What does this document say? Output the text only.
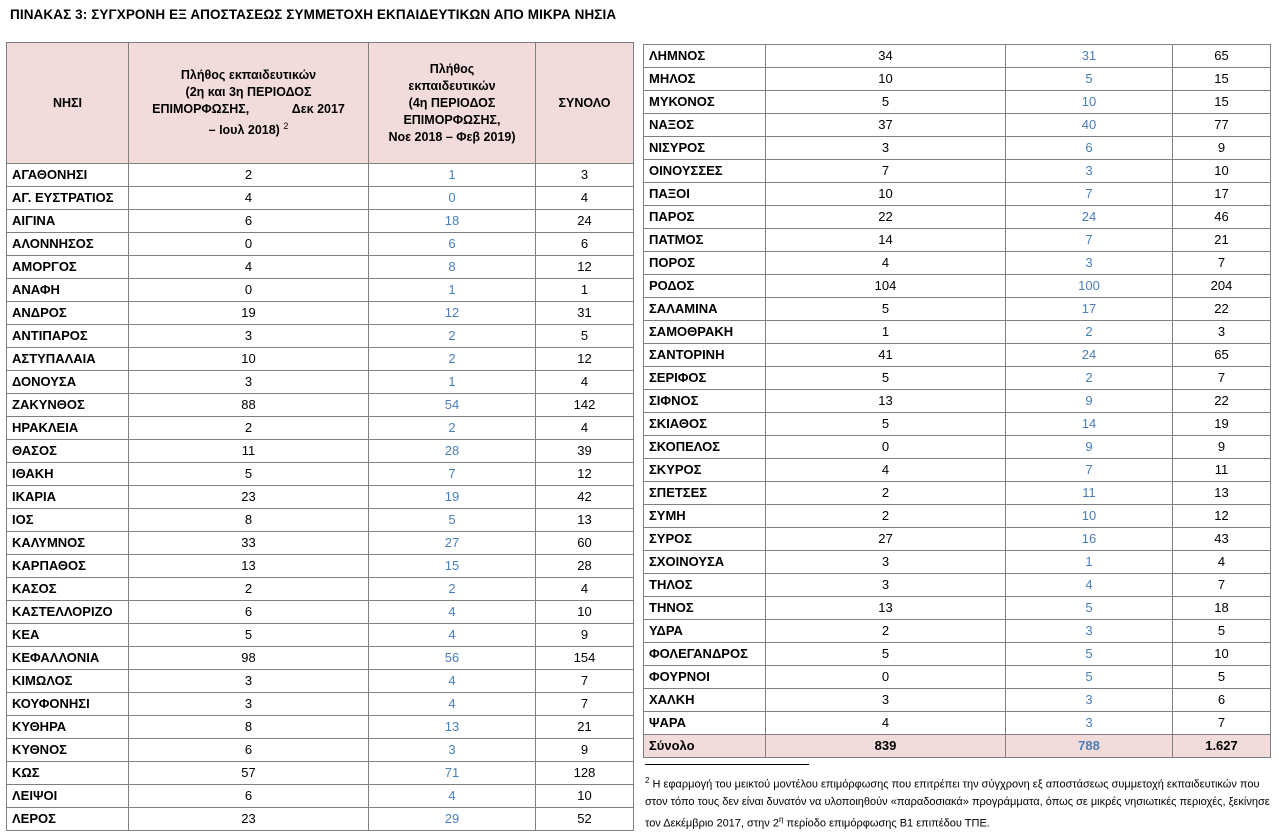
ΠΙΝΑΚΑΣ 3: ΣΥΓΧΡΟΝΗ ΕΞ ΑΠΟΣΤΑΣΕΩΣ ΣΥΜΜΕΤΟΧΗ ΕΚΠΑΙΔΕΥΤΙΚΩΝ ΑΠΟ ΜΙΚΡΑ ΝΗΣΙΑ
ΝΗΣΙ	Πλήθος εκπαιδευτικών
(2η και 3η ΠΕΡΙΟΔΟΣ
ΕΠΙΜΟΡΦΩΣΗΣ, Δεκ 2017
– Ιουλ 2018) $^2$	Πλήθος
εκπαιδευτικών
(4η ΠΕΡΙΟΔΟΣ
ΕΠΙΜΟΡΦΩΣΗΣ,
Νοε 2018 – Φεβ 2019)	ΣΥΝΟΛΟ
ΑΓΑΘΟΝΗΣΙ	2	1	3
ΑΓ. ΕΥΣΤΡΑΤΙΟΣ	4	0	4
ΑΙΓΙΝΑ	6	18	24
ΑΛΟΝΝΗΣΟΣ	0	6	6
ΑΜΟΡΓΟΣ	4	8	12
ΑΝΑΦΗ	0	1	1
ΑΝΔΡΟΣ	19	12	31
ΑΝΤΙΠΑΡΟΣ	3	2	5
ΑΣΤΥΠΑΛΑΙΑ	10	2	12
ΔΟΝΟΥΣΑ	3	1	4
ΖΑΚΥΝΘΟΣ	88	54	142
ΗΡΑΚΛΕΙΑ	2	2	4
ΘΑΣΟΣ	11	28	39
ΙΘΑΚΗ	5	7	12
ΙΚΑΡΙΑ	23	19	42
ΙΟΣ	8	5	13
ΚΑΛΥΜΝΟΣ	33	27	60
ΚΑΡΠΑΘΟΣ	13	15	28
ΚΑΣΟΣ	2	2	4
ΚΑΣΤΕΛΛΟΡΙΖΟ	6	4	10
ΚΕΑ	5	4	9
ΚΕΦΑΛΛΟΝΙΑ	98	56	154
ΚΙΜΩΛΟΣ	3	4	7
ΚΟΥΦΟΝΗΣΙ	3	4	7
ΚΥΘΗΡΑ	8	13	21
ΚΥΘΝΟΣ	6	3	9
ΚΩΣ	57	71	128
ΛΕΙΨΟΙ	6	4	10
ΛΕΡΟΣ	23	29	52
ΛΗΜΝΟΣ	34	31	65
ΜΗΛΟΣ	10	5	15
ΜΥΚΟΝΟΣ	5	10	15
ΝΑΞΟΣ	37	40	77
ΝΙΣΥΡΟΣ	3	6	9
ΟΙΝΟΥΣΣΕΣ	7	3	10
ΠΑΞΟΙ	10	7	17
ΠΑΡΟΣ	22	24	46
ΠΑΤΜΟΣ	14	7	21
ΠΟΡΟΣ	4	3	7
ΡΟΔΟΣ	104	100	204
ΣΑΛΑΜΙΝΑ	5	17	22
ΣΑΜΟΘΡΑΚΗ	1	2	3
ΣΑΝΤΟΡΙΝΗ	41	24	65
ΣΕΡΙΦΟΣ	5	2	7
ΣΙΦΝΟΣ	13	9	22
ΣΚΙΑΘΟΣ	5	14	19
ΣΚΟΠΕΛΟΣ	0	9	9
ΣΚΥΡΟΣ	4	7	11
ΣΠΕΤΣΕΣ	2	11	13
ΣΥΜΗ	2	10	12
ΣΥΡΟΣ	27	16	43
ΣΧΟΙΝΟΥΣΑ	3	1	4
ΤΗΛΟΣ	3	4	7
ΤΗΝΟΣ	13	5	18
ΥΔΡΑ	2	3	5
ΦΟΛΕΓΑΝΔΡΟΣ	5	5	10
ΦΟΥΡΝΟΙ	0	5	5
ΧΑΛΚΗ	3	3	6
ΨΑΡΑ	4	3	7
Σύνολο	839	788	1.627
$^2$ Η εφαρμογή του μεικτού μοντέλου επιμόρφωσης που επιτρέπει την σύγχρονη εξ αποστάσεως συμμετοχή εκπαιδευτικών που στον τόπο τους δεν είναι δυνατόν να υλοποιηθούν «παραδοσιακά» προγράμματα, όπως σε μικρές νησιωτικές περιοχές, ξεκίνησε τον Δεκέμβριο 2017, στην $2^\eta$ περίοδο επιμόρφωσης Β1 επιπέδου ΤΠΕ.
